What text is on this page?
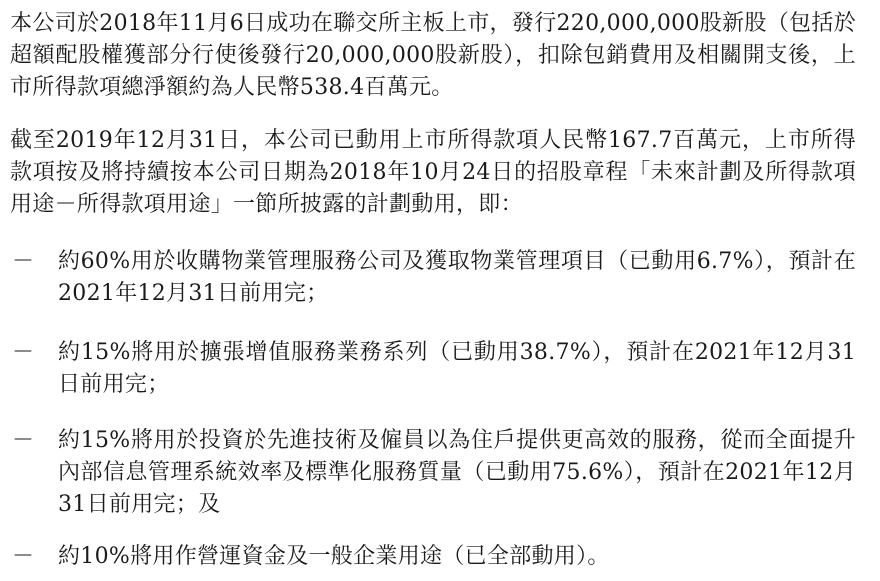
本公司於2018年11月6日成功在聯交所主板上市，發行220,000,000股新股（包括於超額配股權獲部分行使後發行20,000,000股新股），扣除包銷費用及相關開支後，上市所得款項總淨額約為人民幣538.4百萬元。

截至2019年12月31日，本公司已動用上市所得款項人民幣167.7百萬元，上市所得款項按及將持續按本公司日期為2018年10月24日的招股章程「未來計劃及所得款項用途－所得款項用途」一節所披露的計劃動用，即：

－ 約60%用於收購物業管理服務公司及獲取物業管理項目（已動用6.7%），預計在2021年12月31日前用完；

－ 約15%將用於擴張增值服務業務系列（已動用38.7%），預計在2021年12月31日前用完；

－ 約15%將用於投資於先進技術及僱員以為住戶提供更高效的服務，從而全面提升內部信息管理系統效率及標準化服務質量（已動用75.6%），預計在2021年12月31日前用完；及

－ 約10%將用作營運資金及一般企業用途（已全部動用）。
